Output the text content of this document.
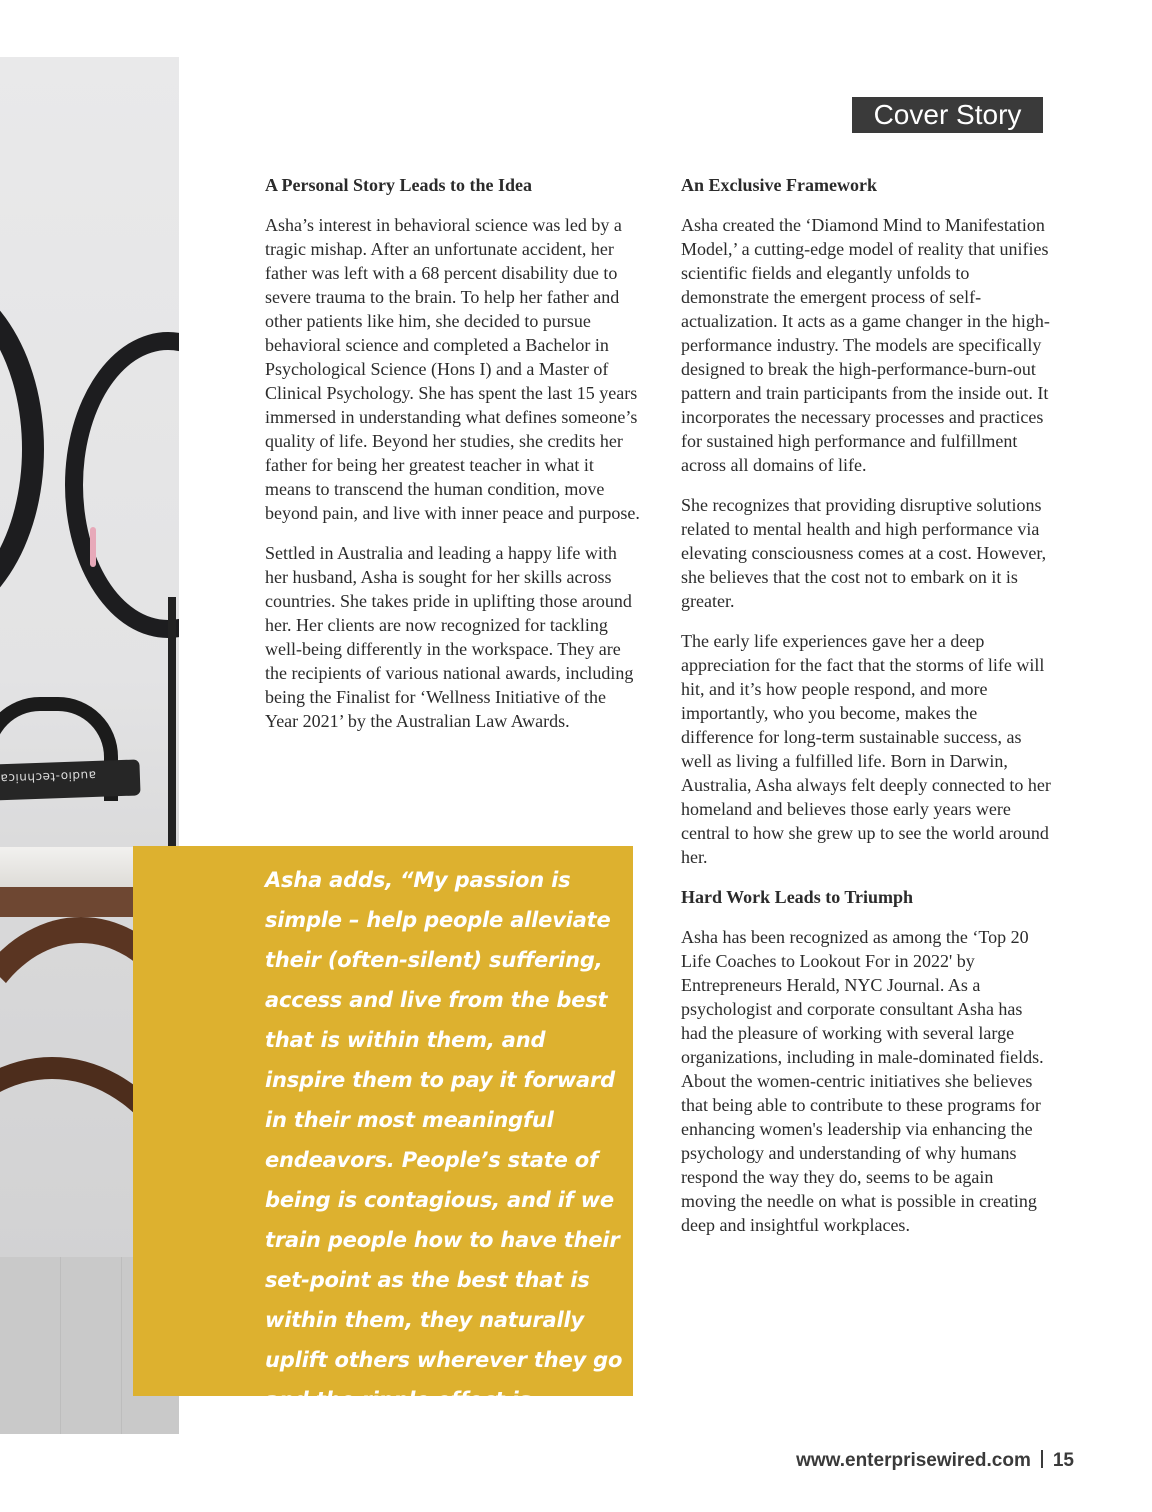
audio-technica
Cover Story
A Personal Story Leads to the Idea

Asha’s interest in behavioral science was led by a tragic mishap. After an unfortunate accident, her father was left with a 68 percent disability due to severe trauma to the brain. To help her father and other patients like him, she decided to pursue behavioral science and completed a Bachelor in Psychological Science (Hons I) and a Master of Clinical Psychology. She has spent the last 15 years immersed in understanding what defines someone’s quality of life. Beyond her studies, she credits her father for being her greatest teacher in what it means to transcend the human condition, move beyond pain, and live with inner peace and purpose.

Settled in Australia and leading a happy life with her husband, Asha is sought for her skills across countries. She takes pride in uplifting those around her. Her clients are now recognized for tackling well-being differently in the workspace. They are the recipients of various national awards, including being the Finalist for ‘Wellness Initiative of the Year 2021’ by the Australian Law Awards.

Asha adds, “My passion is simple – help people alleviate their (often-silent) suffering, access and live from the best that is within them, and inspire them to pay it forward in their most meaningful endeavors. People’s state of being is contagious, and if we train people how to have their set-point as the best that is within them, they naturally uplift others wherever they go and the ripple effect is exponential.”
An Exclusive Framework

Asha created the ‘Diamond Mind to Manifestation Model,’ a cutting-edge model of reality that unifies scientific fields and elegantly unfolds to demonstrate the emergent process of self-actualization. It acts as a game changer in the high-performance industry. The models are specifically designed to break the high-performance-burn-out pattern and train participants from the inside out. It incorporates the necessary processes and practices for sustained high performance and fulfillment across all domains of life.

She recognizes that providing disruptive solutions related to mental health and high performance via elevating consciousness comes at a cost. However, she believes that the cost not to embark on it is greater.

The early life experiences gave her a deep appreciation for the fact that the storms of life will hit, and it’s how people respond, and more importantly, who you become, makes the difference for long-term sustainable success, as well as living a fulfilled life. Born in Darwin, Australia, Asha always felt deeply connected to her homeland and believes those early years were central to how she grew up to see the world around her.

Hard Work Leads to Triumph

Asha has been recognized as among the ‘Top 20 Life Coaches to Lookout For in 2022' by Entrepreneurs Herald, NYC Journal. As a psychologist and corporate consultant Asha has had the pleasure of working with several large organizations, including in male-dominated fields. About the women-centric initiatives she believes that being able to contribute to these programs for enhancing women's leadership via enhancing the psychology and understanding of why humans respond the way they do, seems to be again moving the needle on what is possible in creating deep and insightful workplaces.

www.enterprisewired.com 15
